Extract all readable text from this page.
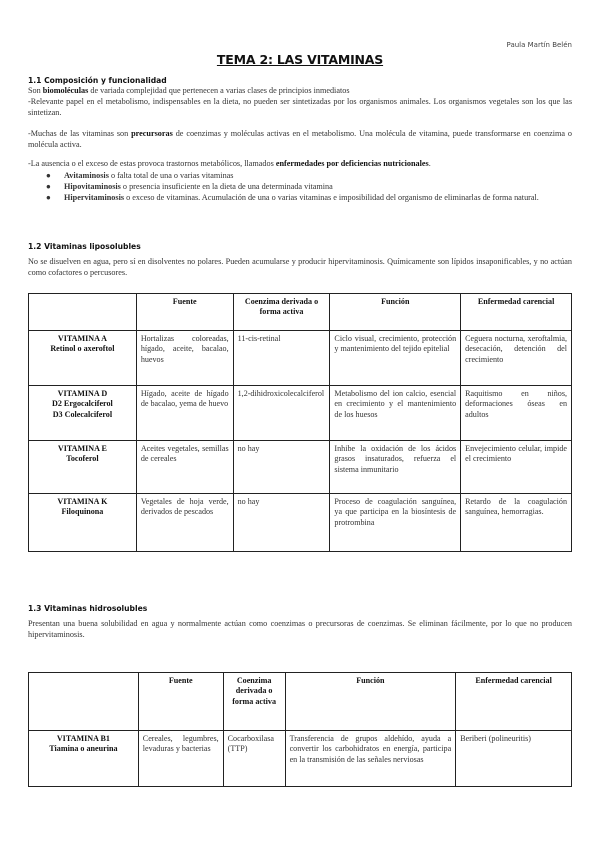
Paula Martín Belén
TEMA 2: LAS VITAMINAS
1.1 Composición y funcionalidad
Son biomoléculas de variada complejidad que pertenecen a varias clases de principios inmediatos
-Relevante papel en el metabolismo, indispensables en la dieta, no pueden ser sintetizadas por los organismos animales. Los organismos vegetales son los que las sintetizan.
-Muchas de las vitaminas son precursoras de coenzimas y moléculas activas en el metabolismo. Una molécula de vitamina, puede transformarse en coenzima o molécula activa.
-La ausencia o el exceso de estas provoca trastornos metabólicos, llamados enfermedades por deficiencias nutricionales.
● Avitaminosis o falta total de una o varias vitaminas
● Hipovitaminosis o presencia insuficiente en la dieta de una determinada vitamina
● Hipervitaminosis o exceso de vitaminas. Acumulación de una o varias vitaminas e imposibilidad del organismo de eliminarlas de forma natural.
1.2 Vitaminas liposolubles
No se disuelven en agua, pero sí en disolventes no polares. Pueden acumularse y producir hipervitaminosis. Químicamente son lípidos insaponificables, y no actúan como cofactores o percusores.
	Fuente	Coenzima derivada o forma activa	Función	Enfermedad carencial
VITAMINA A
Retinol o axeroftol	Hortalizas coloreadas, hígado, aceite, bacalao, huevos	11-cis-retinal	Ciclo visual, crecimiento, protección y mantenimiento del tejido epitelial	Ceguera nocturna, xeroftalmia, desecación, detención del crecimiento
VITAMINA D
D2 Ergocalciferol
D3 Colecalciferol	Hígado, aceite de hígado de bacalao, yema de huevo	1,2-dihidroxicolecalciferol	Metabolismo del ion calcio, esencial en crecimiento y el mantenimiento de los huesos	Raquitismo en niños, deformaciones óseas en adultos
VITAMINA E
Tocoferol	Aceites vegetales, semillas de cereales	no hay	Inhibe la oxidación de los ácidos grasos insaturados, refuerza el sistema inmunitario	Envejecimiento celular, impide el crecimiento
VITAMINA K
Filoquinona	Vegetales de hoja verde, derivados de pescados	no hay	Proceso de coagulación sanguínea, ya que participa en la biosíntesis de protrombina	Retardo de la coagulación sanguínea, hemorragias.
1.3 Vitaminas hidrosolubles
Presentan una buena solubilidad en agua y normalmente actúan como coenzimas o precursoras de coenzimas. Se eliminan fácilmente, por lo que no producen hipervitaminosis.
	Fuente	Coenzima derivada o forma activa	Función	Enfermedad carencial
VITAMINA B1
Tiamina o aneurina	Cereales, legumbres, levaduras y bacterias	Cocarboxilasa (TTP)	Transferencia de grupos aldehído, ayuda a convertir los carbohidratos en energía, participa en la transmisión de las señales nerviosas	Beriberi (polineuritis)
